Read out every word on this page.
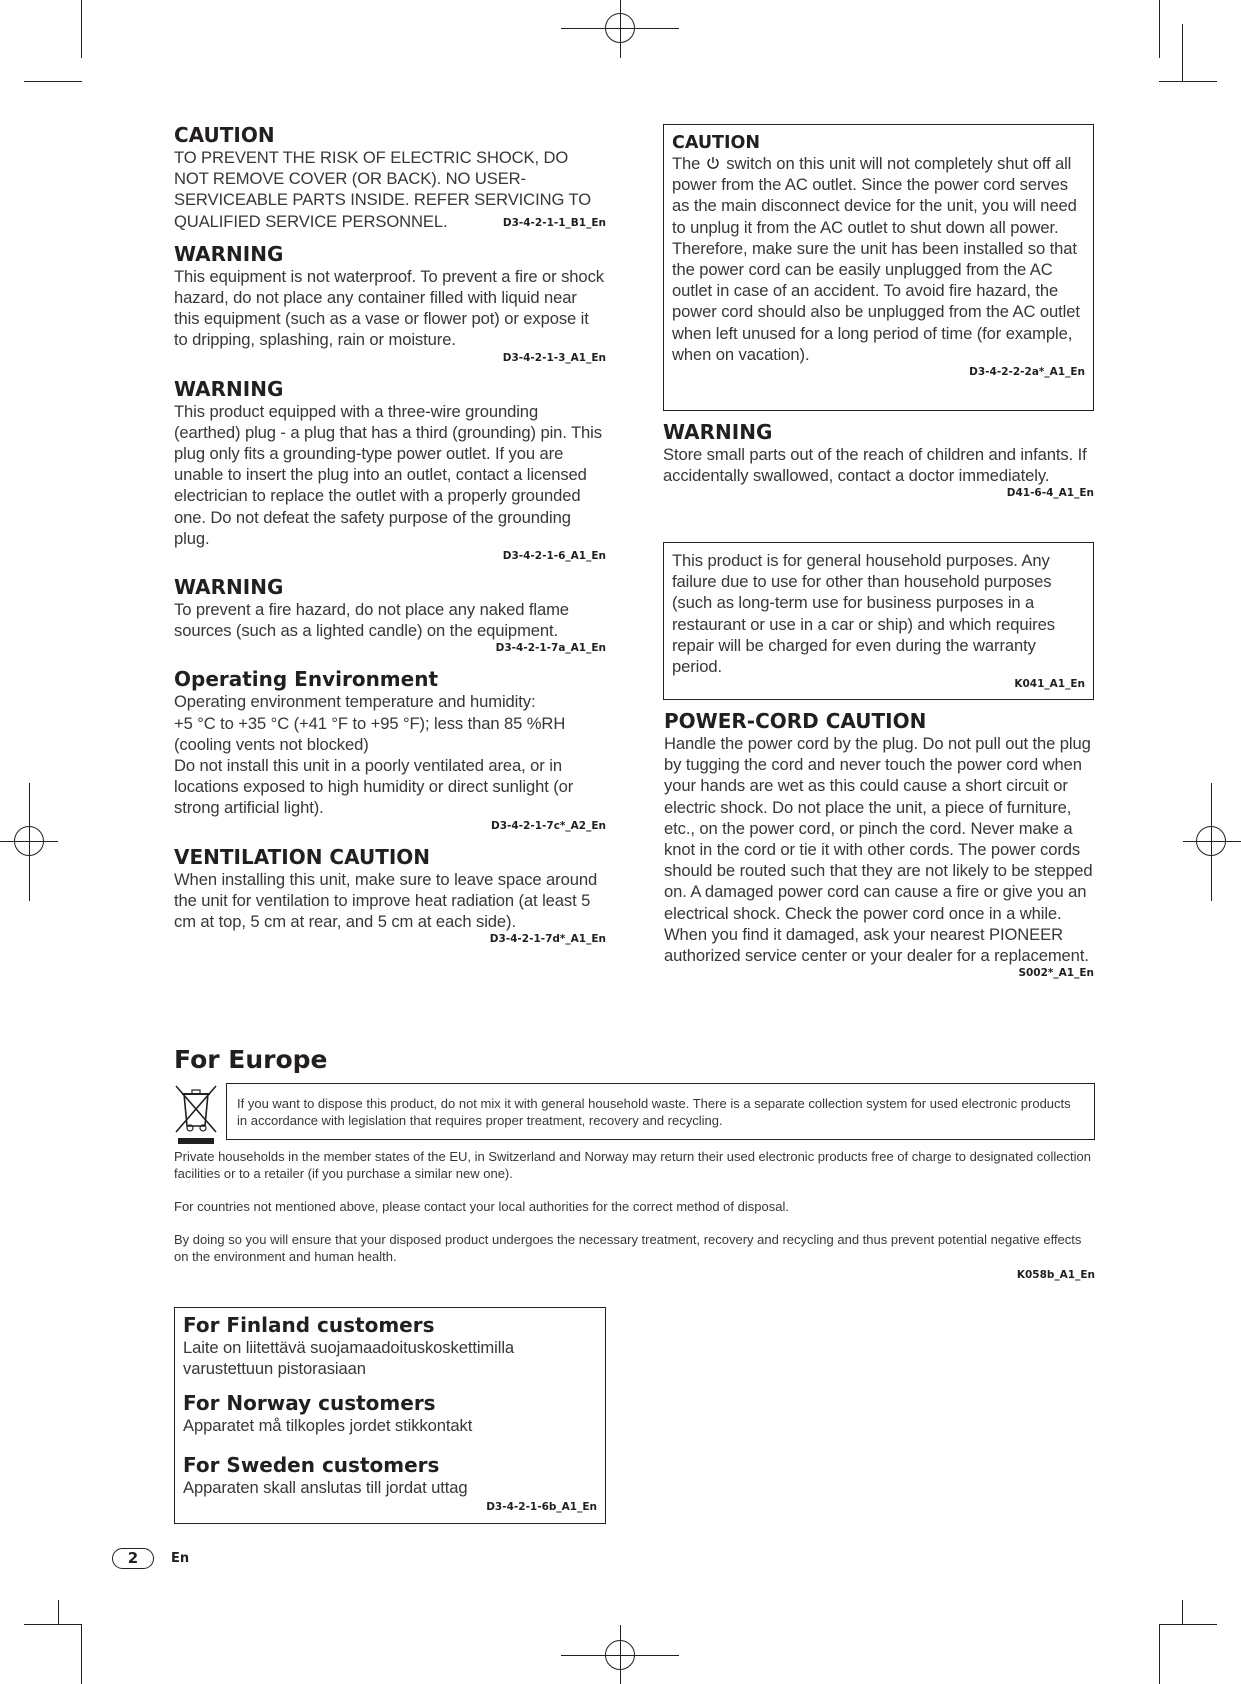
CAUTION
TO PREVENT THE RISK OF ELECTRIC SHOCK, DO NOT REMOVE COVER (OR BACK). NO USER-SERVICEABLE PARTS INSIDE. REFER SERVICING TO QUALIFIED SERVICE PERSONNEL.	D3-4-2-1-1_B1_En
WARNING
This equipment is not waterproof. To prevent a fire or shock hazard, do not place any container filled with liquid near this equipment (such as a vase or flower pot) or expose it to dripping, splashing, rain or moisture.
D3-4-2-1-3_A1_En
WARNING
This product equipped with a three-wire grounding (earthed) plug - a plug that has a third (grounding) pin. This plug only fits a grounding-type power outlet. If you are unable to insert the plug into an outlet, contact a licensed electrician to replace the outlet with a properly grounded one. Do not defeat the safety purpose of the grounding plug.
D3-4-2-1-6_A1_En
WARNING
To prevent a fire hazard, do not place any naked flame sources (such as a lighted candle) on the equipment.
D3-4-2-1-7a_A1_En
Operating Environment
Operating environment temperature and humidity:
+5 °C to +35 °C (+41 °F to +95 °F); less than 85 %RH (cooling vents not blocked)
Do not install this unit in a poorly ventilated area, or in locations exposed to high humidity or direct sunlight (or strong artificial light).
D3-4-2-1-7c*_A2_En
VENTILATION CAUTION
When installing this unit, make sure to leave space around the unit for ventilation to improve heat radiation (at least 5 cm at top, 5 cm at rear, and 5 cm at each side).
D3-4-2-1-7d*_A1_En
CAUTION
The switch on this unit will not completely shut off all power from the AC outlet. Since the power cord serves as the main disconnect device for the unit, you will need to unplug it from the AC outlet to shut down all power. Therefore, make sure the unit has been installed so that the power cord can be easily unplugged from the AC outlet in case of an accident. To avoid fire hazard, the power cord should also be unplugged from the AC outlet when left unused for a long period of time (for example, when on vacation).
D3-4-2-2-2a*_A1_En
WARNING
Store small parts out of the reach of children and infants. If accidentally swallowed, contact a doctor immediately.
D41-6-4_A1_En
This product is for general household purposes. Any failure due to use for other than household purposes (such as long-term use for business purposes in a restaurant or use in a car or ship) and which requires repair will be charged for even during the warranty period.
K041_A1_En
POWER-CORD CAUTION
Handle the power cord by the plug. Do not pull out the plug by tugging the cord and never touch the power cord when your hands are wet as this could cause a short circuit or electric shock. Do not place the unit, a piece of furniture, etc., on the power cord, or pinch the cord. Never make a knot in the cord or tie it with other cords. The power cords should be routed such that they are not likely to be stepped on. A damaged power cord can cause a fire or give you an electrical shock. Check the power cord once in a while. When you find it damaged, ask your nearest PIONEER authorized service center or your dealer for a replacement.
S002*_A1_En
For Europe
If you want to dispose this product, do not mix it with general household waste. There is a separate collection system for used electronic products in accordance with legislation that requires proper treatment, recovery and recycling.
Private households in the member states of the EU, in Switzerland and Norway may return their used electronic products free of charge to designated collection facilities or to a retailer (if you purchase a similar new one).
For countries not mentioned above, please contact your local authorities for the correct method of disposal.
By doing so you will ensure that your disposed product undergoes the necessary treatment, recovery and recycling and thus prevent potential negative effects on the environment and human health.
K058b_A1_En
For Finland customers
Laite on liitettävä suojamaadoituskoskettimilla varustettuun pistorasiaan
For Norway customers
Apparatet må tilkoples jordet stikkontakt
For Sweden customers
Apparaten skall anslutas till jordat uttag
D3-4-2-1-6b_A1_En
2	En
